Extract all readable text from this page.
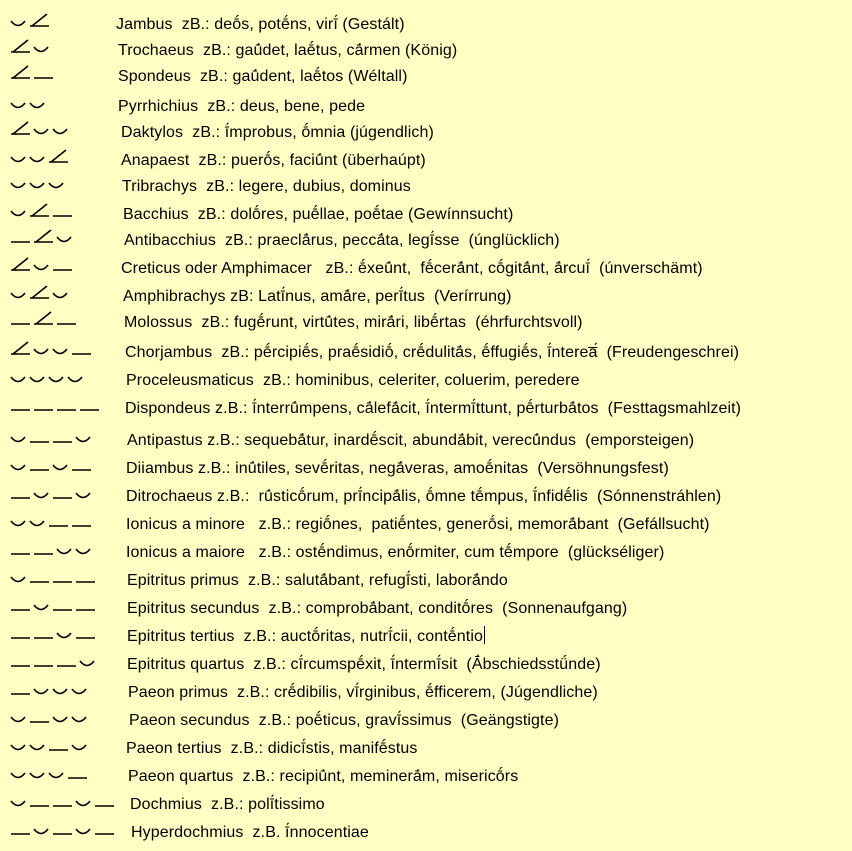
Jambus  zB.: deṓs, potḗns, virī́ (Gestált)
Trochaeus  zB.: gaū́det, laḗtus, cā́rmen (König)
Spondeus  zB.: gaū́dent, laḗtos (Wéltall)
Pyrrhichius  zB.: deus, bene, pede
Daktylos  zB.: ī́mprobus, ṓmnia (júgendlich)
Anapaest  zB.: puerṓs, faciū́nt (überhaúpt)
Tribrachys  zB.: legere, dubius, dominus
Bacchius  zB.: dolṓres, puḗllae, poḗtae (Gewínnsucht)
Antibacchius  zB.: praeclā́rus, peccā́ta, legī́sse  (únglücklich)
Creticus oder Amphimacer   zB.: ḗxeū́nt,  fḗcerā́nt, cṓgitā́nt, ā́rcuī́  (únverschämt)
Amphibrachys zB: Latī́nus, amā́re, perī́tus  (Verírrung)
Molossus  zB.: fugḗrunt, virtū́tes, mirā́ri, libḗrtas  (éhrfurchtsvoll)
Chorjambus  zB.: pḗrcipiḗs, praḗsidiṓ, crḗdulitā́s, ḗffugiḗs, ī́nterea̅́  (Freudengeschrei)
Proceleusmaticus  zB.: hominibus, celeriter, coluerim, peredere
Dispondeus z.B.: ī́nterrū́mpens, cā́lefā́cit, ī́ntermī́ttunt, pḗrturbā́tos  (Festtagsmahlzeit)
Antipastus z.B.: sequebā́tur, inardḗscit, abundā́bit, verecū́ndus  (emporsteigen)
Diiambus z.B.: inū́tiles, sevḗritas, negā́veras, amoḗnitas  (Versöhnungsfest)
Ditrochaeus z.B.:  rū́sticṓrum, prī́ncipā́lis, ṓmne tḗmpus, ī́nfidḗlis  (Sónnenstráhlen)
Ionicus a minore   z.B.: regiṓnes,  patiḗntes, generṓsi, memorā́bant  (Gefállsucht)
Ionicus a maiore   z.B.: ostḗndimus, enṓrmiter, cum tḗmpore  (glückséliger)
Epitritus primus  z.B.: salutā́bant, refugī́sti, laborā́ndo
Epitritus secundus  z.B.: comprobā́bant, conditṓres  (Sonnenaufgang)
Epitritus tertius  z.B.: auctṓritas, nutrī́cii, contḗntio
Epitritus quartus  z.B.: cī́rcumspḗxit, ī́ntermī́sit  (Ā́bschiedsstǘnde)
Paeon primus  z.B.: crḗdibilis, vī́rginibus, ḗfficerem, (Júgendliche)
Paeon secundus  z.B.: poḗticus, gravī́ssimus  (Geängstigte)
Paeon tertius  z.B.: didicī́stis, manifḗstus
Paeon quartus  z.B.: recipiū́nt, meminerā́m, misericṓrs
Dochmius  z.B.: polī́tissimo
Hyperdochmius  z.B. ī́nnocentiae
